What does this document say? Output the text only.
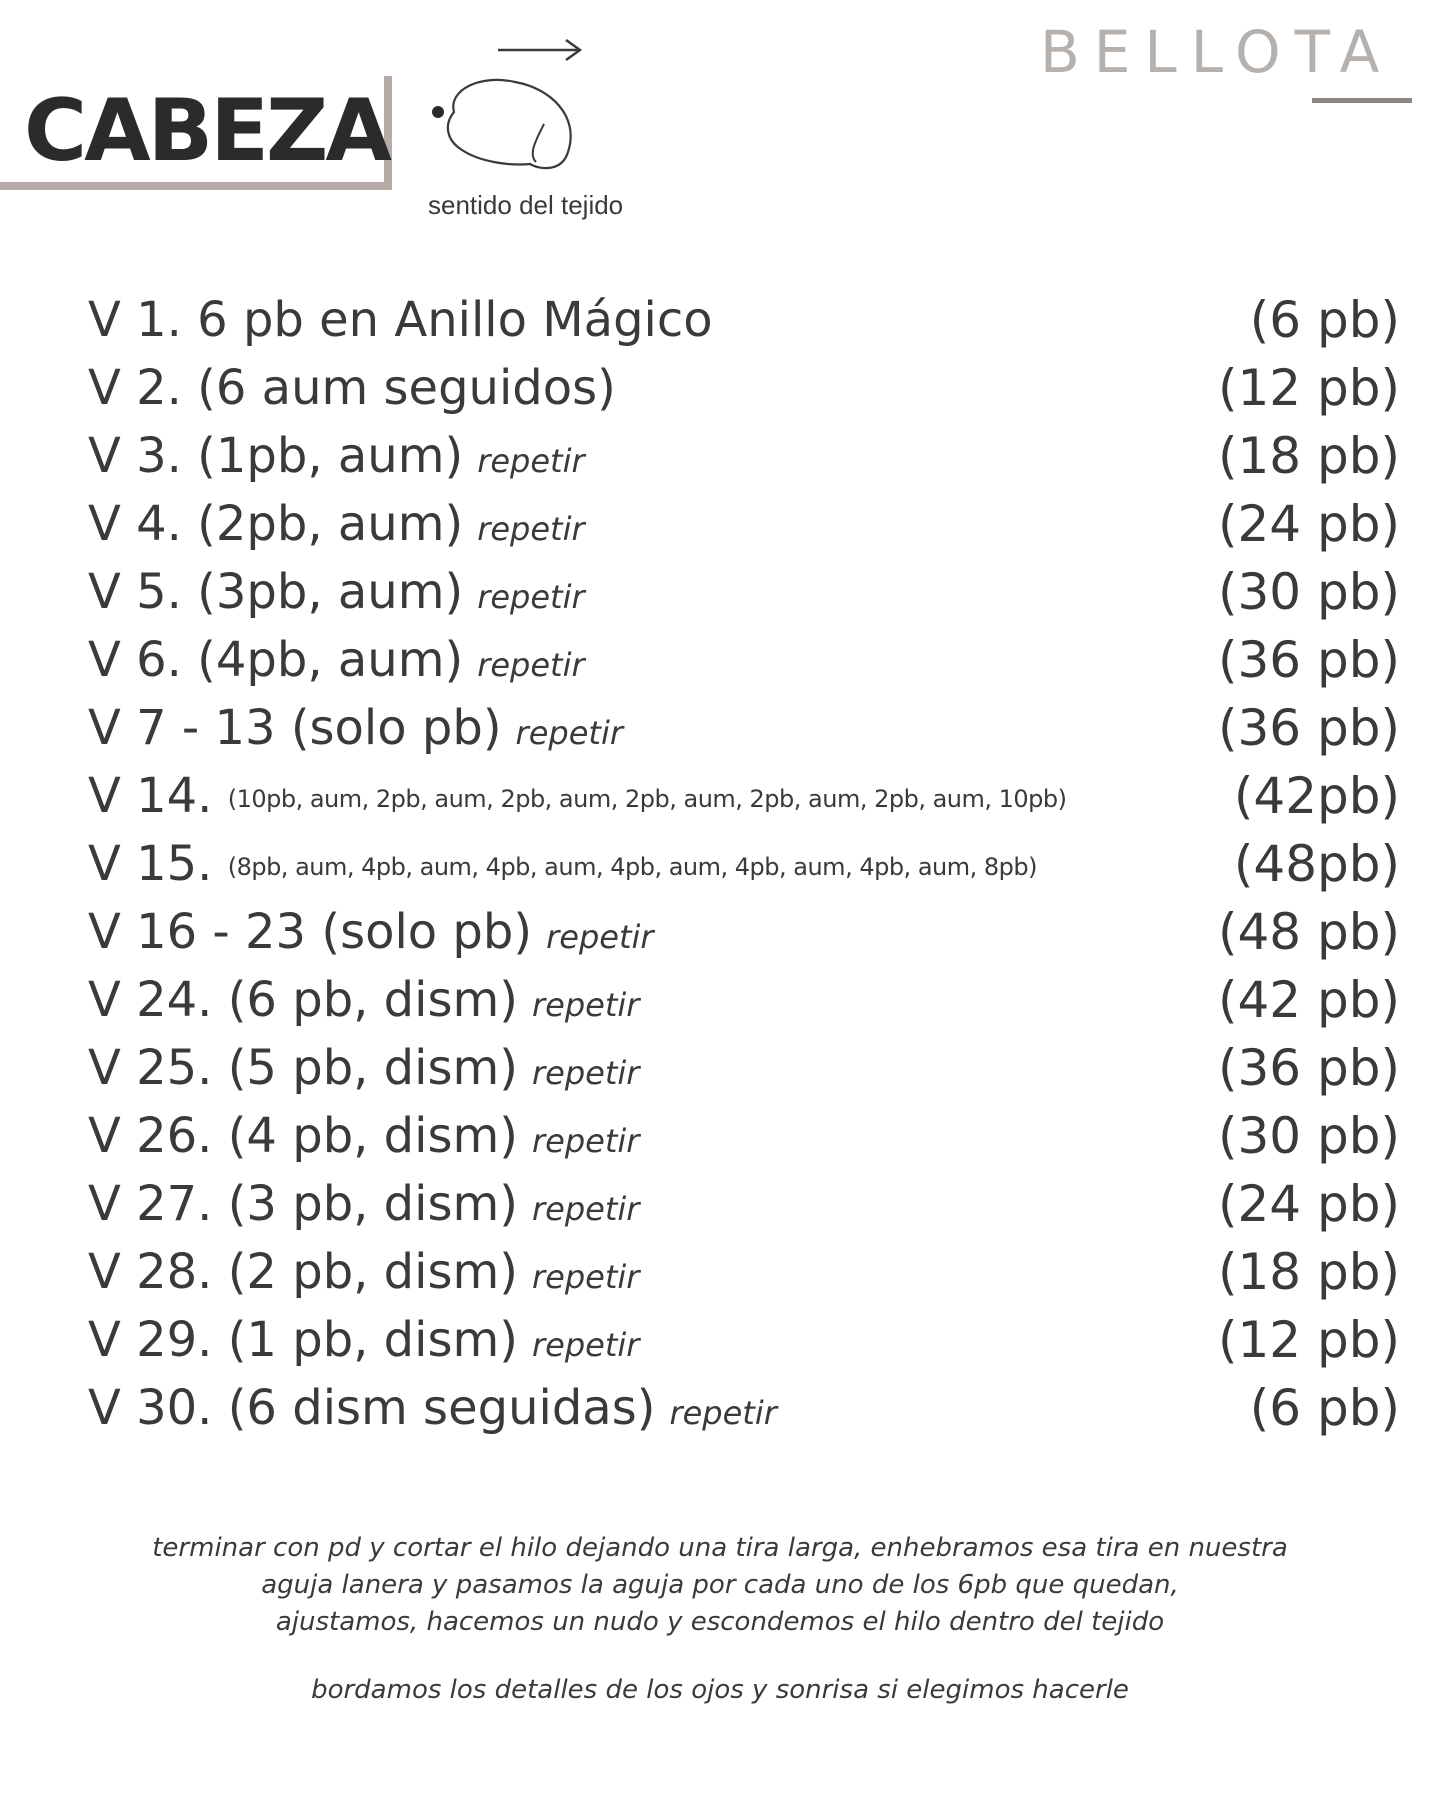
BELLOTA
CABEZA
sentido del tejido
V 1. 6 pb en Anillo Mágico	(6 pb)
V 2. (6 aum seguidos)	(12 pb)
V 3. (1pb, aum) repetir	(18 pb)
V 4. (2pb, aum) repetir	(24 pb)
V 5. (3pb, aum) repetir	(30 pb)
V 6. (4pb, aum) repetir	(36 pb)
V 7 - 13 (solo pb) repetir	(36 pb)
V 14. (10pb, aum, 2pb, aum, 2pb, aum, 2pb, aum, 2pb, aum, 2pb, aum, 10pb)	(42pb)
V 15. (8pb, aum, 4pb, aum, 4pb, aum, 4pb, aum, 4pb, aum, 4pb, aum, 8pb)	(48pb)
V 16 - 23 (solo pb) repetir	(48 pb)
V 24. (6 pb, dism) repetir	(42 pb)
V 25. (5 pb, dism) repetir	(36 pb)
V 26. (4 pb, dism) repetir	(30 pb)
V 27. (3 pb, dism) repetir	(24 pb)
V 28. (2 pb, dism) repetir	(18 pb)
V 29. (1 pb, dism) repetir	(12 pb)
V 30. (6 dism seguidas) repetir	(6 pb)

terminar con pd y cortar el hilo dejando una tira larga, enhebramos esa tira en nuestra

aguja lanera y pasamos la aguja por cada uno de los 6pb que quedan,

ajustamos, hacemos un nudo y escondemos el hilo dentro del tejido

bordamos los detalles de los ojos y sonrisa si elegimos hacerle
